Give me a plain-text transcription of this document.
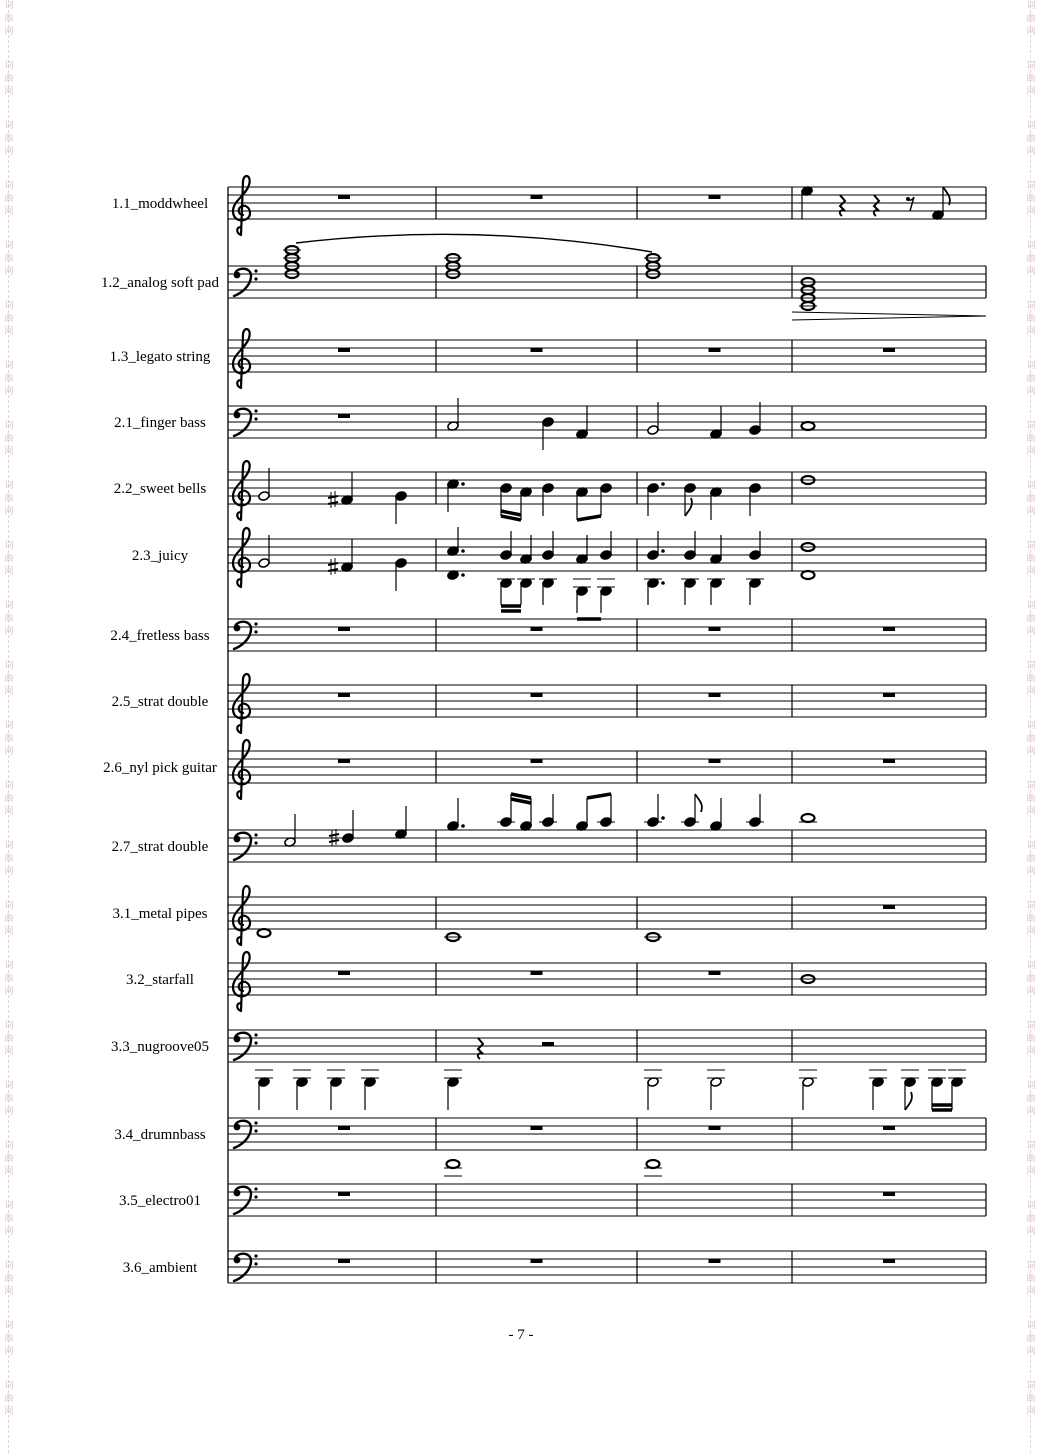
1.1_moddwheel
1.2_analog soft pad
1.3_legato string
2.1_finger bass
2.2_sweet bells
2.3_juicy
2.4_fretless bass
2.5_strat double
2.6_nyl pick guitar
2.7_strat double
3.1_metal pipes
3.2_starfall
3.3_nugroove05
3.4_drumnbass
3.5_electro01
3.6_ambient
- 7 -
词
曲
网
词
曲
网
词
曲
网
词
曲
网
词
曲
网
词
曲
网
词
曲
网
词
曲
网
词
曲
网
词
曲
网
词
曲
网
词
曲
网
词
曲
网
词
曲
网
词
曲
网
词
曲
网
词
曲
网
词
曲
网
词
曲
网
词
曲
网
词
曲
网
词
曲
网
词
曲
网
词
曲
网
词
曲
网
词
曲
网
词
曲
网
词
曲
网
词
曲
网
词
曲
网
词
曲
网
词
曲
网
词
曲
网
词
曲
网
词
曲
网
词
曲
网
词
曲
网
词
曲
网
词
曲
网
词
曲
网
词
曲
网
词
曲
网
词
曲
网
词
曲
网
词
曲
网
词
曲
网
词
曲
网
词
曲
网
